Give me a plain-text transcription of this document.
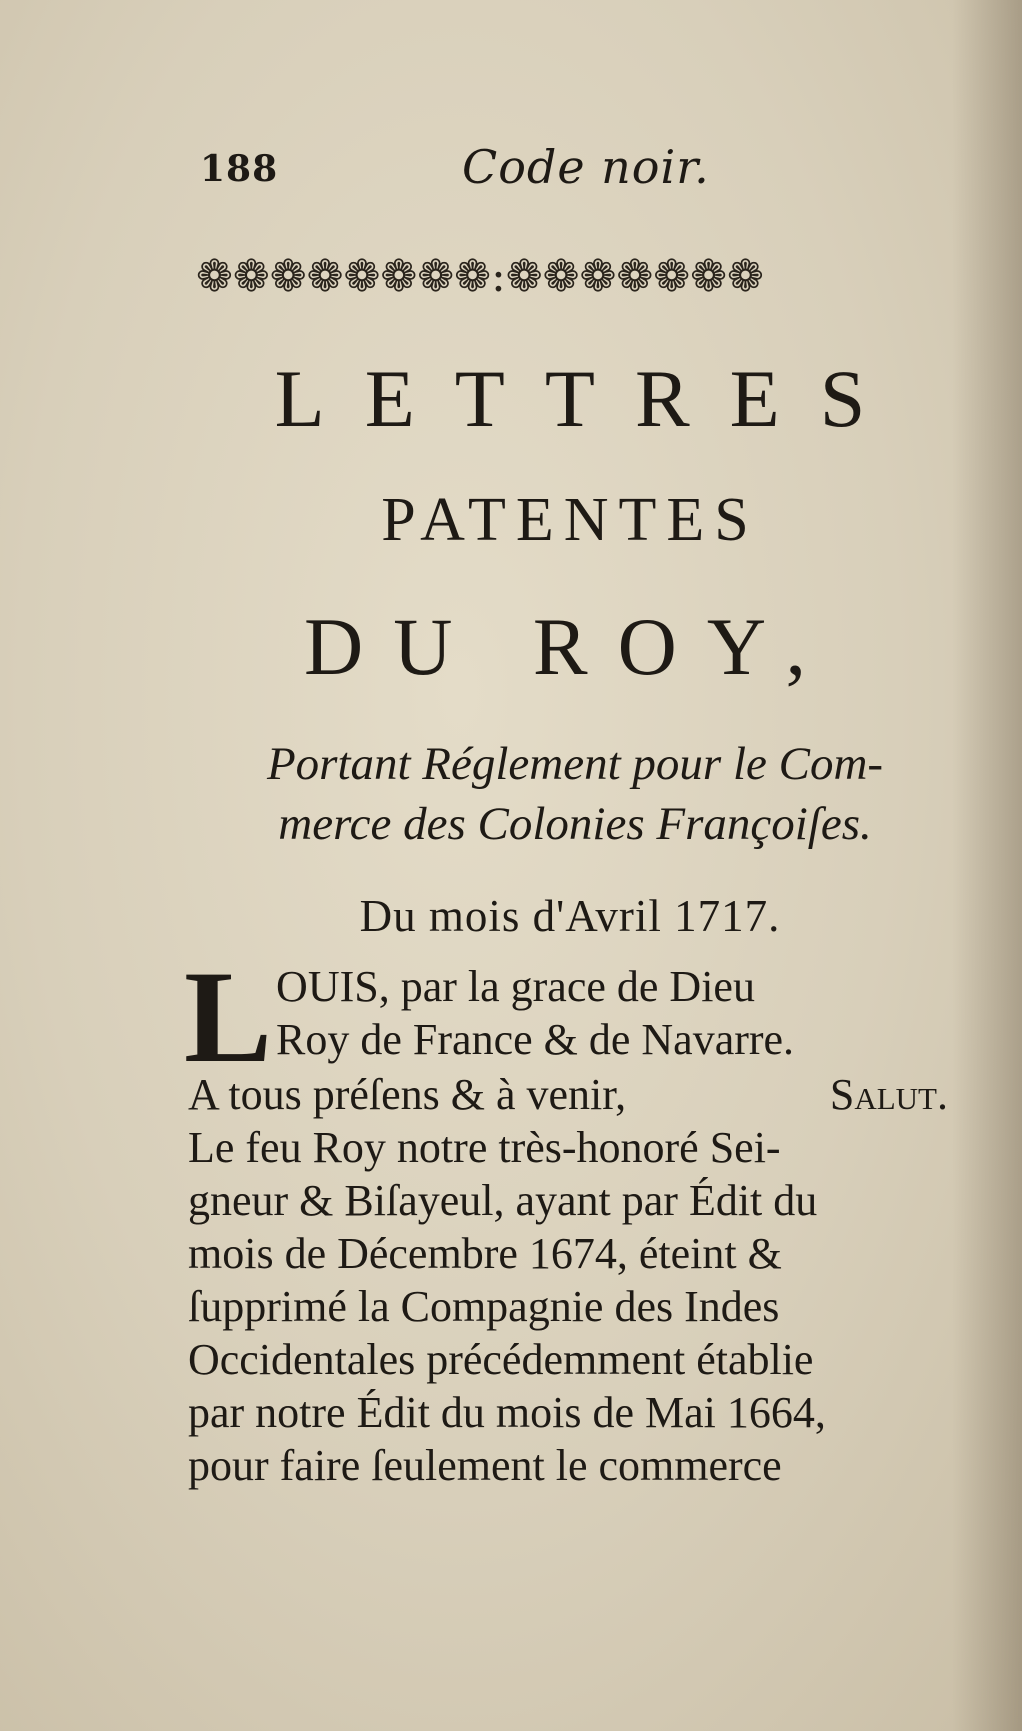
188	Code noir.
❁❁❁❁❁❁❁❁:❁❁❁❁❁❁❁
LETTRES
PATENTES
DU ROY,
Portant Réglement pour le Com-
merce des Colonies Françoiſes.
Du mois d'Avril 1717.
L OUIS, par la grace de Dieu
Roy de France & de Navarre.
A tous préſens & à venir,	Salut.
Le feu Roy notre très-honoré Sei-
gneur & Biſayeul, ayant par Édit du
mois de Décembre 1674, éteint &
ſupprimé la Compagnie des Indes
Occidentales précédemment établie
par notre Édit du mois de Mai 1664,
pour faire ſeulement le commerce
